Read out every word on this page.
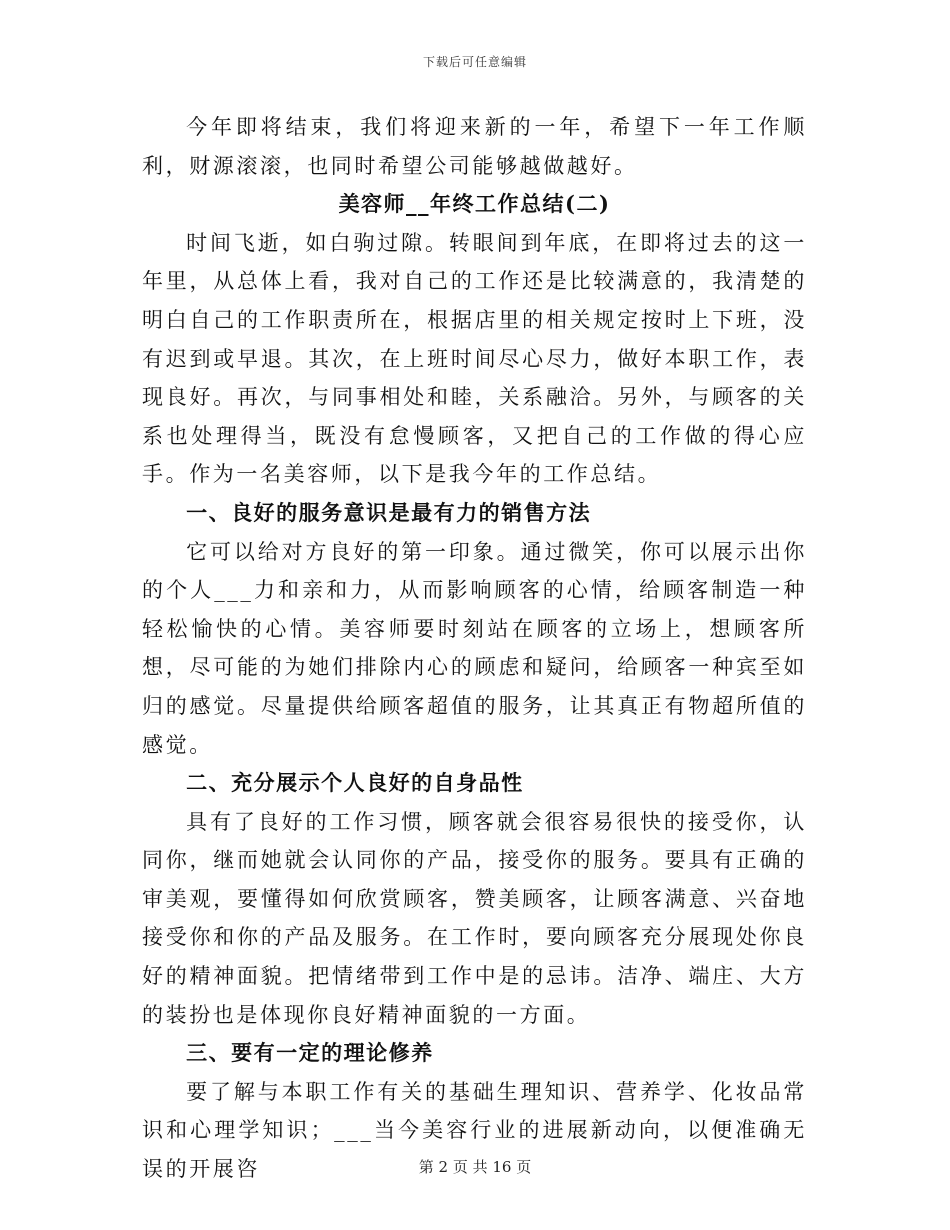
下载后可任意编辑

今年即将结束，我们将迎来新的一年，希望下一年工作顺利，财源滚滚，也同时希望公司能够越做越好。

美容师__年终工作总结(二)

时间飞逝，如白驹过隙。转眼间到年底，在即将过去的这一年里，从总体上看，我对自己的工作还是比较满意的，我清楚的明白自己的工作职责所在，根据店里的相关规定按时上下班，没有迟到或早退。其次，在上班时间尽心尽力，做好本职工作，表现良好。再次，与同事相处和睦，关系融洽。另外，与顾客的关系也处理得当，既没有怠慢顾客，又把自己的工作做的得心应手。作为一名美容师，以下是我今年的工作总结。

一、良好的服务意识是最有力的销售方法

它可以给对方良好的第一印象。通过微笑，你可以展示出你的个人___力和亲和力，从而影响顾客的心情，给顾客制造一种轻松愉快的心情。美容师要时刻站在顾客的立场上，想顾客所想，尽可能的为她们排除内心的顾虑和疑问，给顾客一种宾至如归的感觉。尽量提供给顾客超值的服务，让其真正有物超所值的感觉。

二、充分展示个人良好的自身品性

具有了良好的工作习惯，顾客就会很容易很快的接受你，认同你，继而她就会认同你的产品，接受你的服务。要具有正确的审美观，要懂得如何欣赏顾客，赞美顾客，让顾客满意、兴奋地接受你和你的产品及服务。在工作时，要向顾客充分展现处你良好的精神面貌。把情绪带到工作中是的忌讳。洁净、端庄、大方的装扮也是体现你良好精神面貌的一方面。

三、要有一定的理论修养

要了解与本职工作有关的基础生理知识、营养学、化妆品常识和心理学知识；___当今美容行业的进展新动向，以便准确无误的开展咨	第 2 页 共 16 页
